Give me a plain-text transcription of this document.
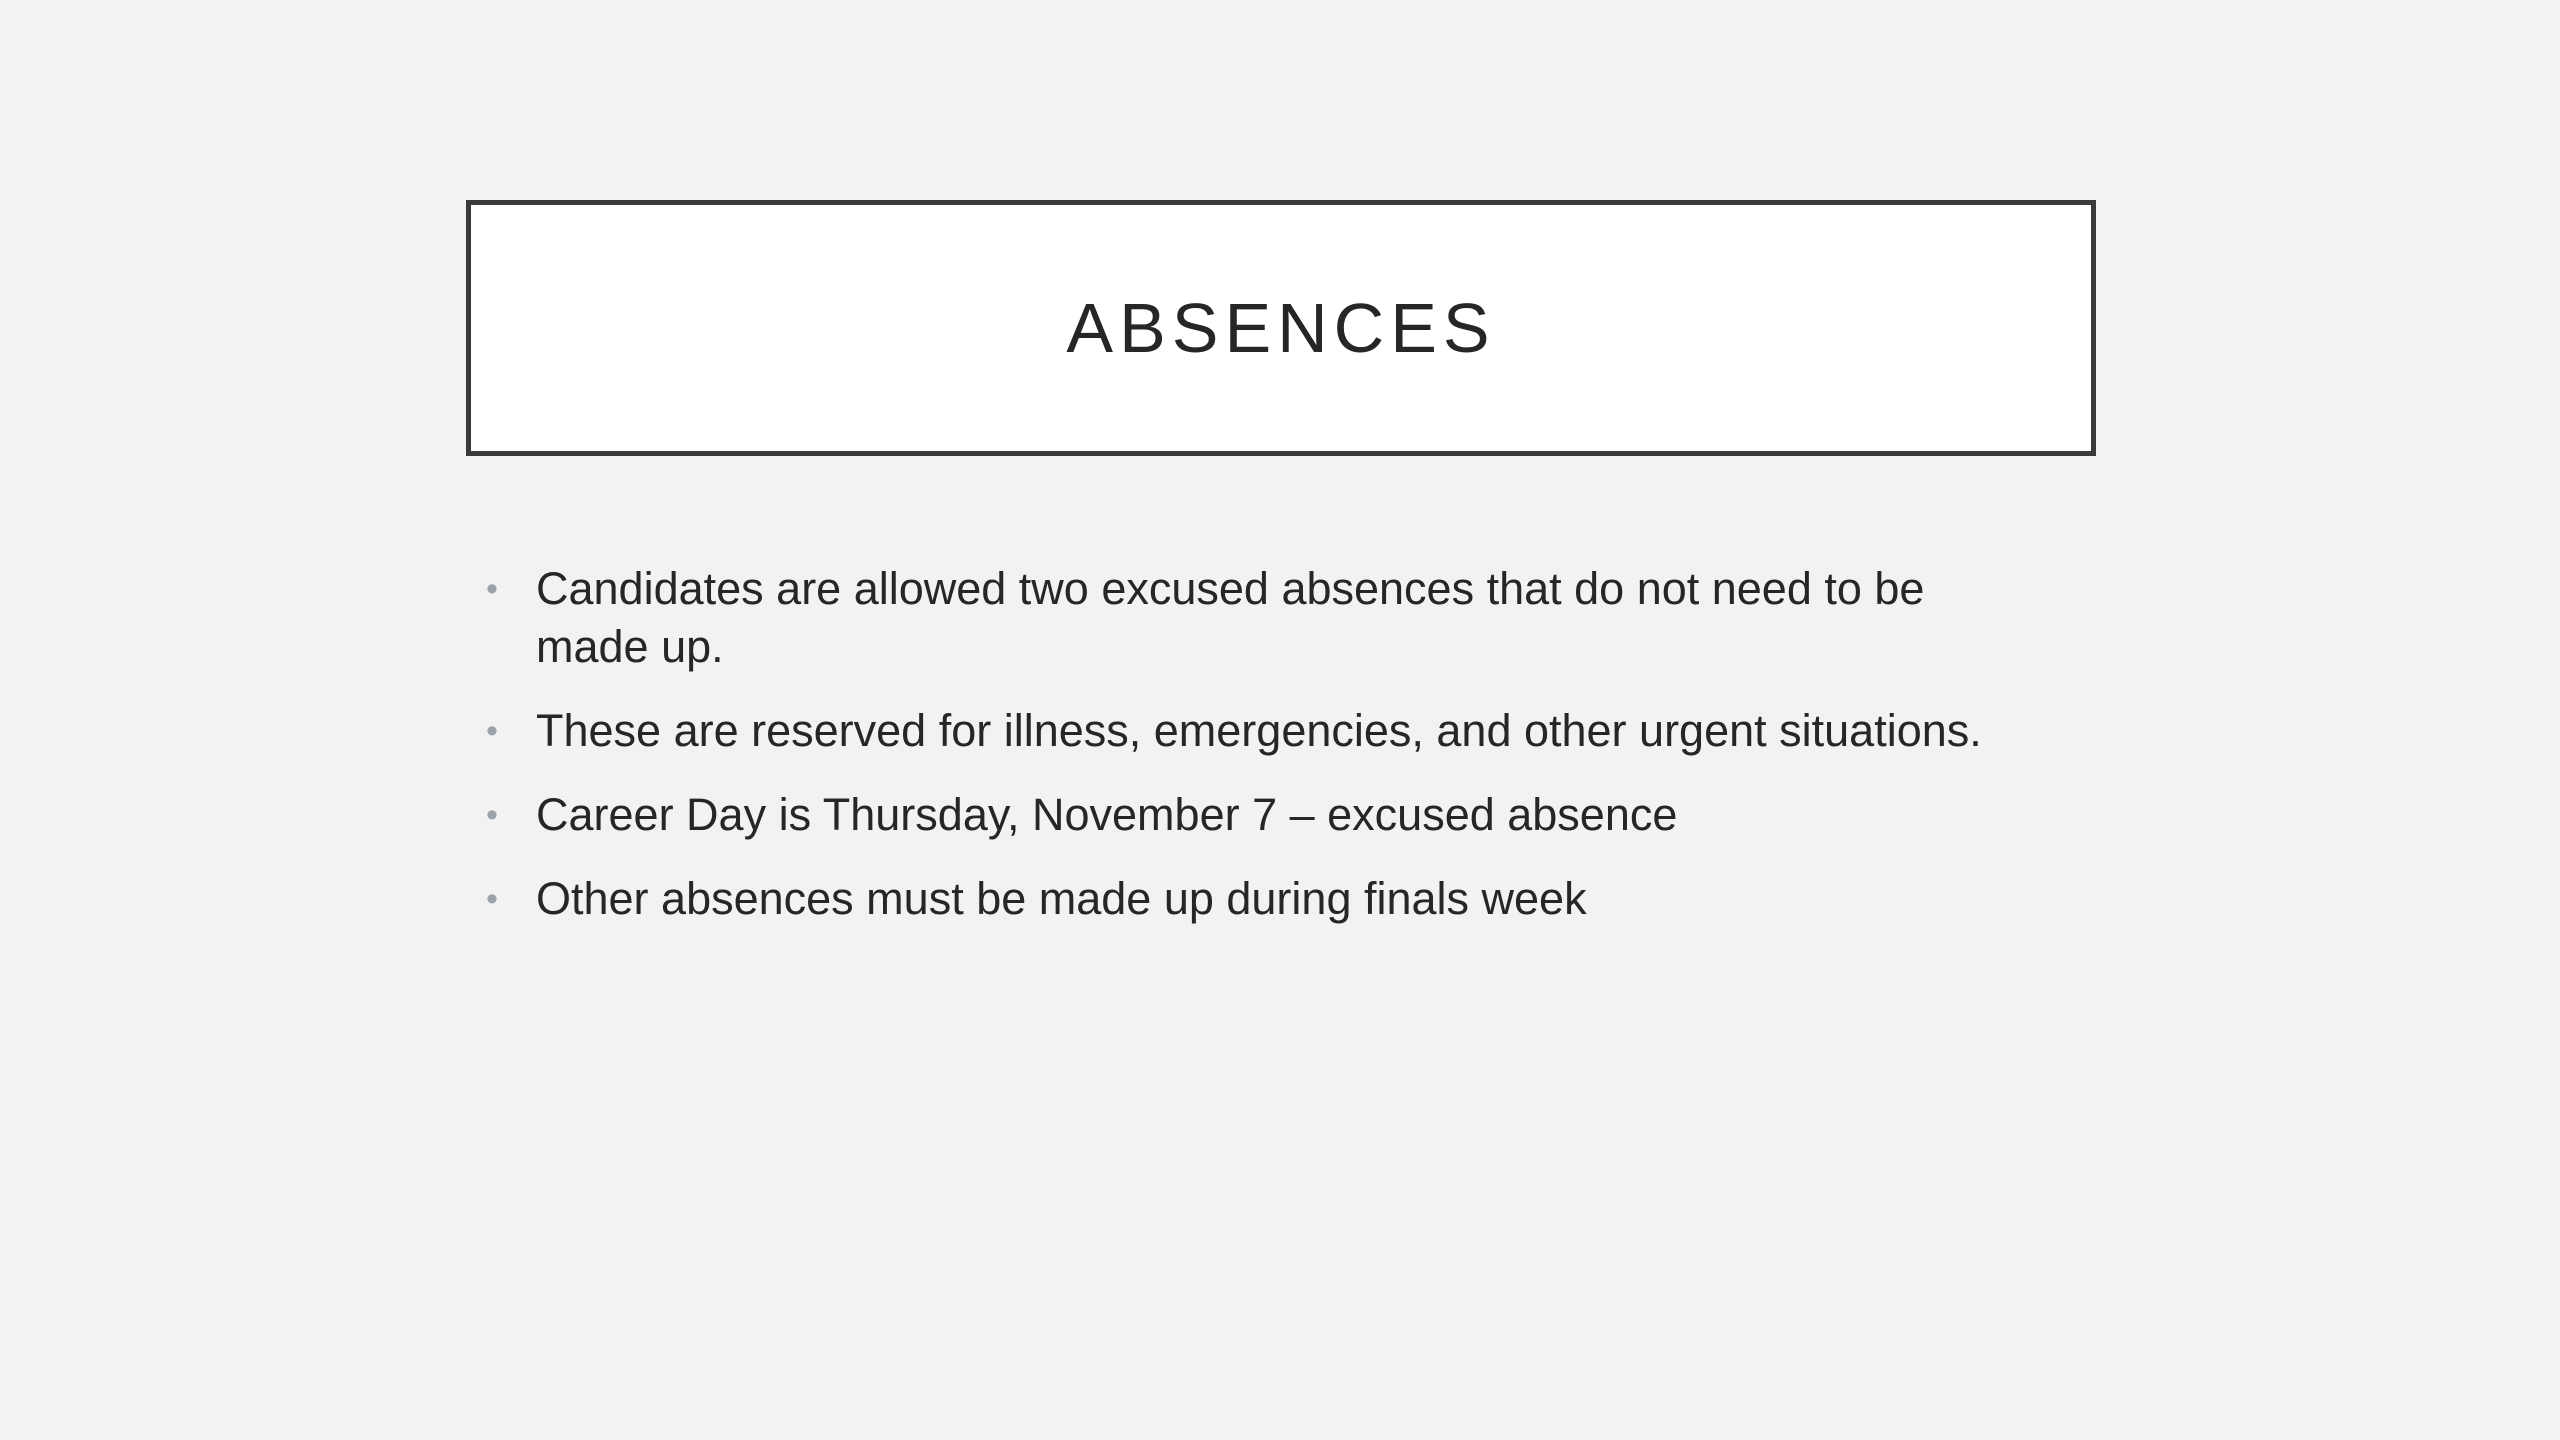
ABSENCES
• Candidates are allowed two excused absences that do not need to be made up.
• These are reserved for illness, emergencies, and other urgent situations.
• Career Day is Thursday, November 7 – excused absence
• Other absences must be made up during finals week
